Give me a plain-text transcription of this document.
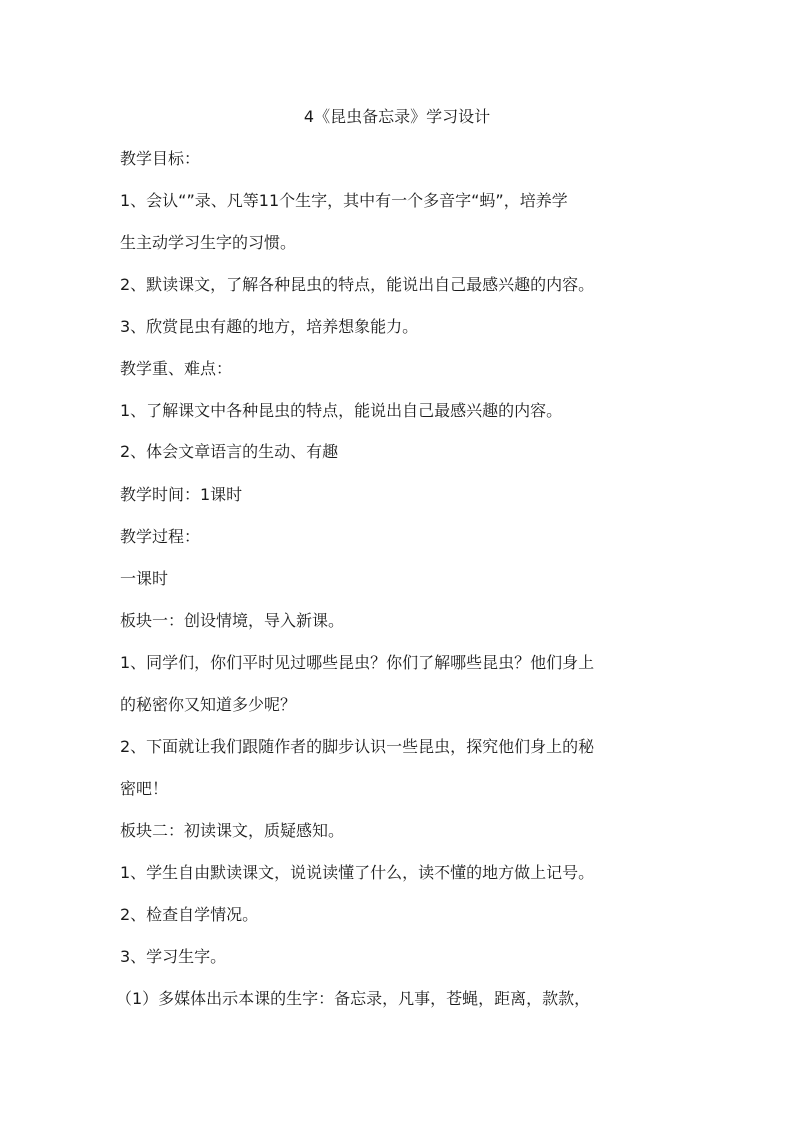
4《昆虫备忘录》学习设计
教学目标：
1、会认“”录、凡等11个生字，其中有一个多音字“蚂”，培养学
生主动学习生字的习惯。
2、默读课文，了解各种昆虫的特点，能说出自己最感兴趣的内容。
3、欣赏昆虫有趣的地方，培养想象能力。
教学重、难点：
1、了解课文中各种昆虫的特点，能说出自己最感兴趣的内容。
2、体会文章语言的生动、有趣
教学时间：1课时
教学过程：
一课时
板块一：创设情境，导入新课。
1、同学们，你们平时见过哪些昆虫？你们了解哪些昆虫？他们身上
的秘密你又知道多少呢？
2、下面就让我们跟随作者的脚步认识一些昆虫，探究他们身上的秘
密吧！
板块二：初读课文，质疑感知。
1、学生自由默读课文，说说读懂了什么，读不懂的地方做上记号。
2、检查自学情况。
3、学习生字。
（1）多媒体出示本课的生字：备忘录，凡事，苍蝇，距离，款款，
